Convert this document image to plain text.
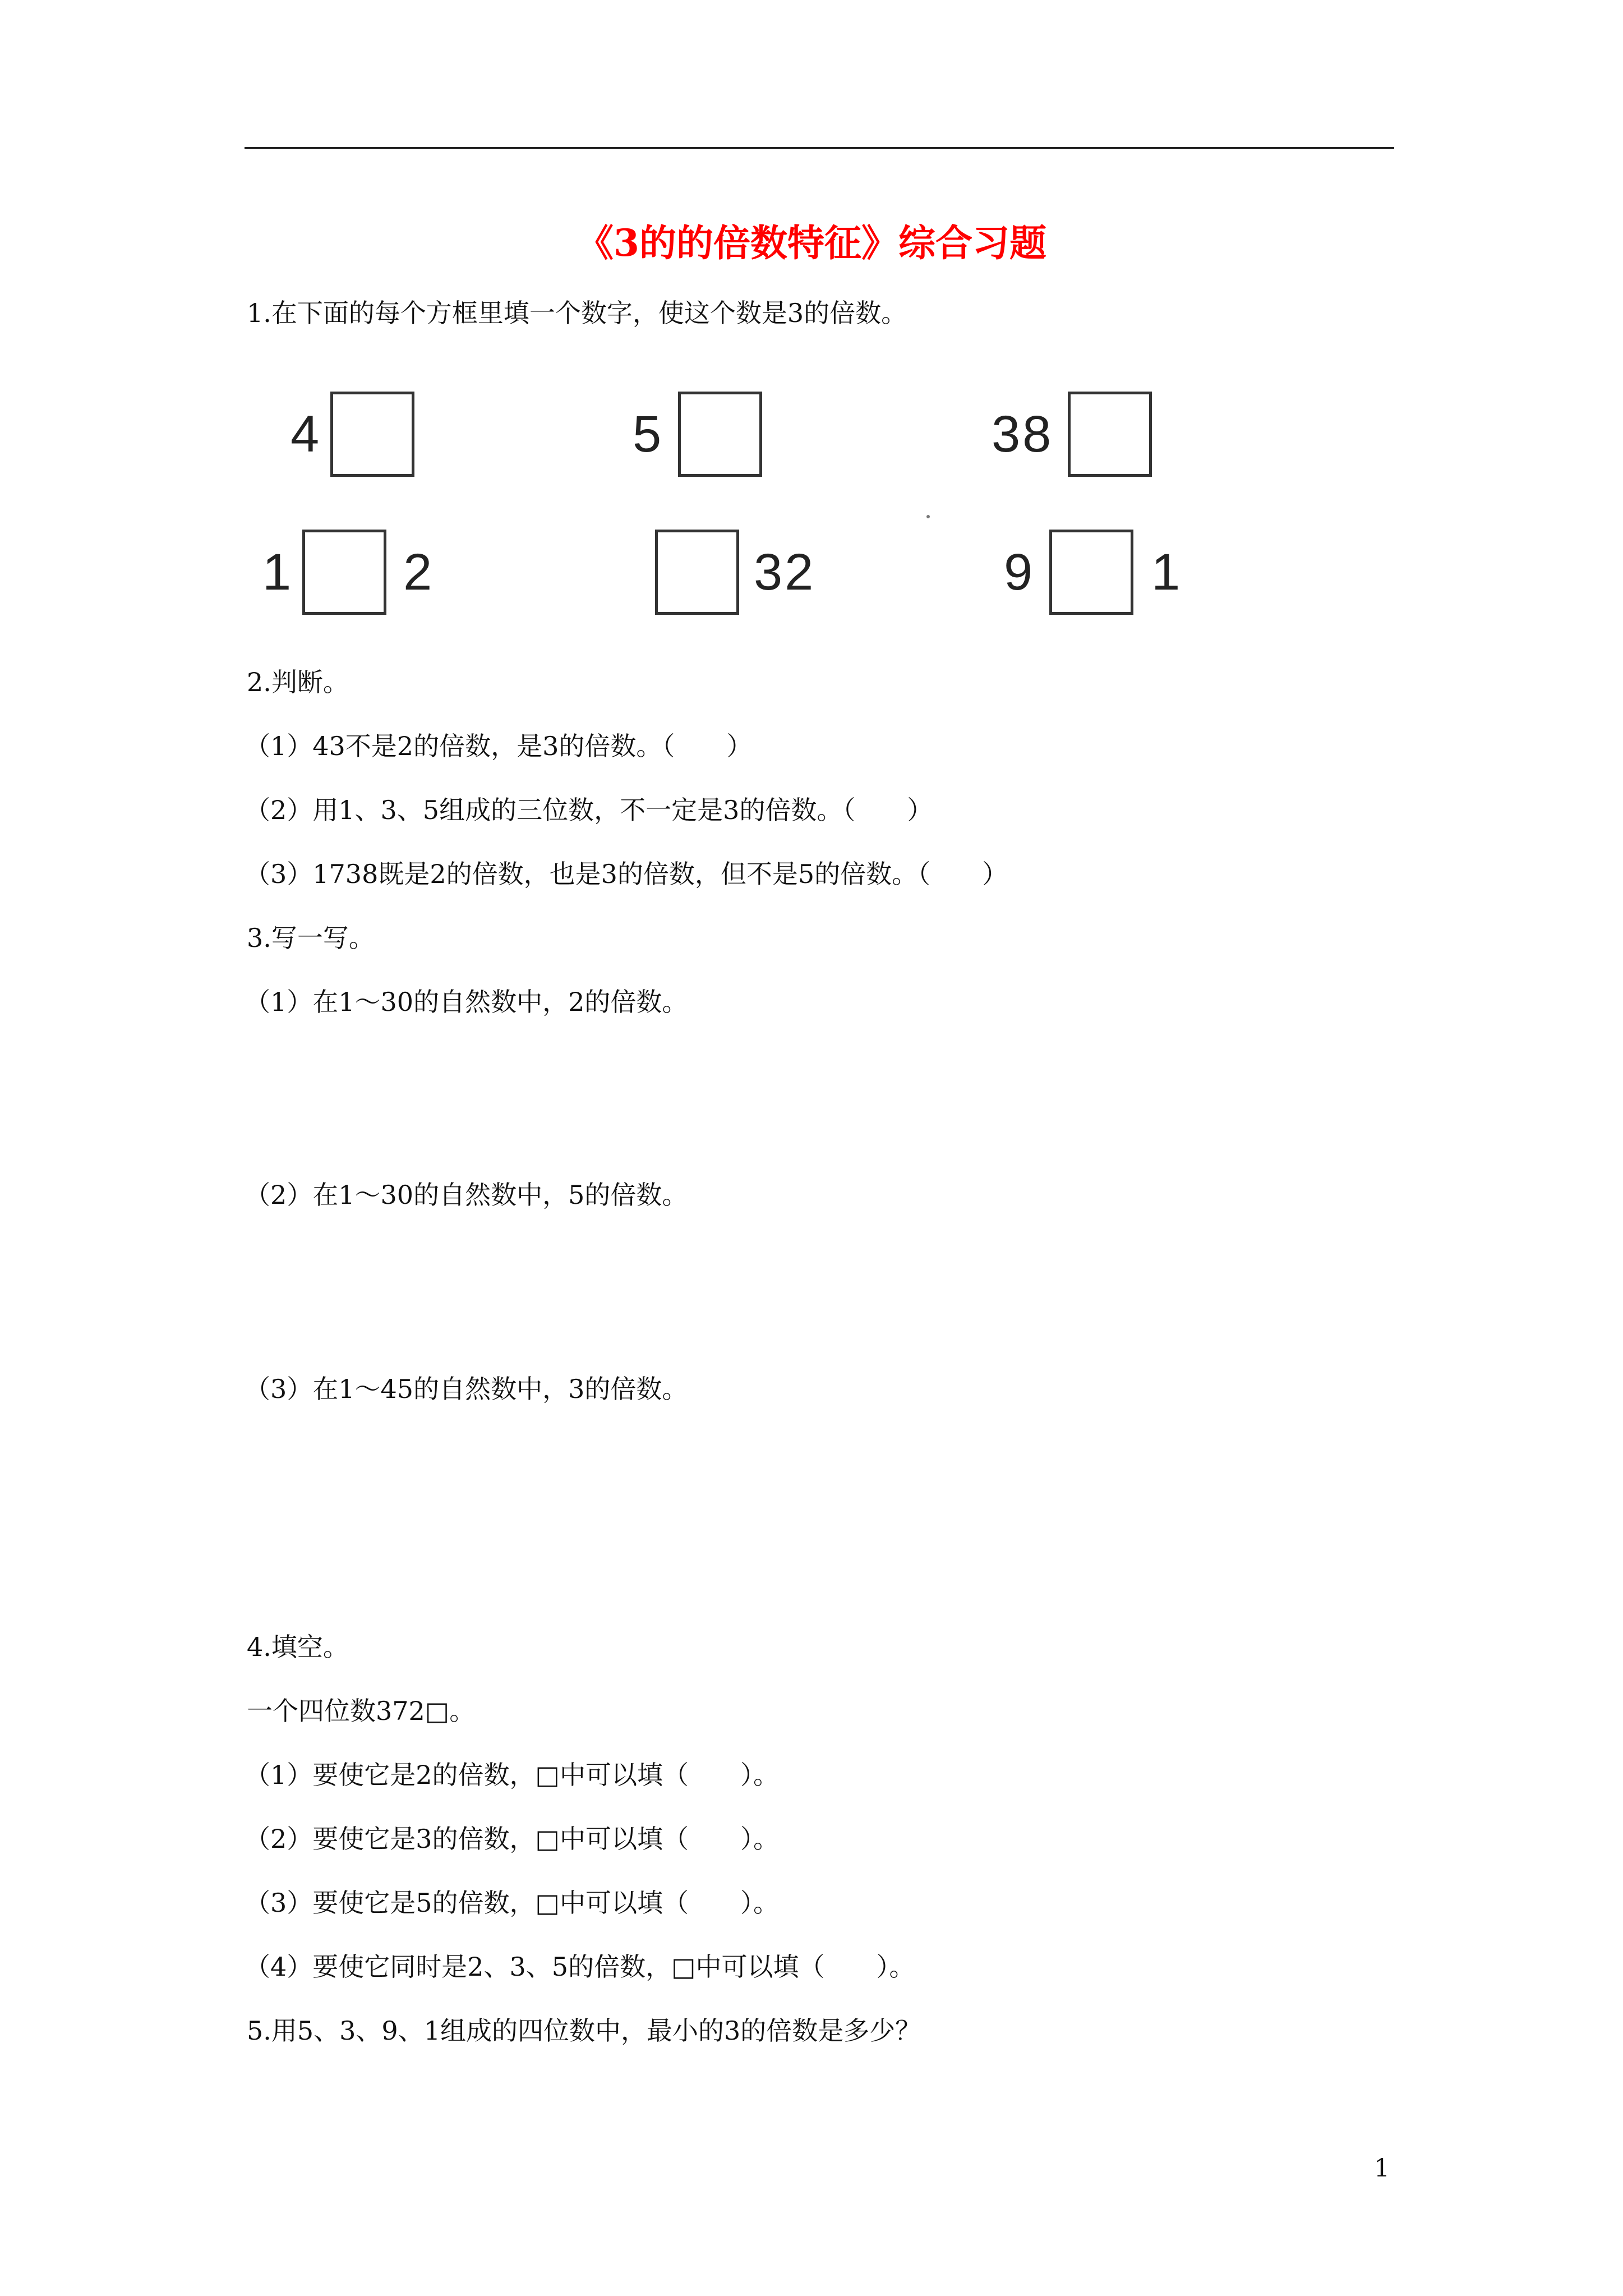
《3的的倍数特征》综合习题
1.在下面的每个方框里填一个数字，使这个数是3的倍数。
4	5	38
1 2	32	9 1
2.判断。
（1）43不是2的倍数，是3的倍数。（　　）
（2）用1、3、5组成的三位数，不一定是3的倍数。（　　）
（3）1738既是2的倍数，也是3的倍数，但不是5的倍数。（　　）
3.写一写。
（1）在1～30的自然数中，2的倍数。
（2）在1～30的自然数中，5的倍数。
（3）在1～45的自然数中，3的倍数。
4.填空。
一个四位数372□。
（1）要使它是2的倍数，□中可以填（　　）。
（2）要使它是3的倍数，□中可以填（　　）。
（3）要使它是5的倍数，□中可以填（　　）。
（4）要使它同时是2、3、5的倍数，□中可以填（　　）。
5.用5、3、9、1组成的四位数中，最小的3的倍数是多少？
1
